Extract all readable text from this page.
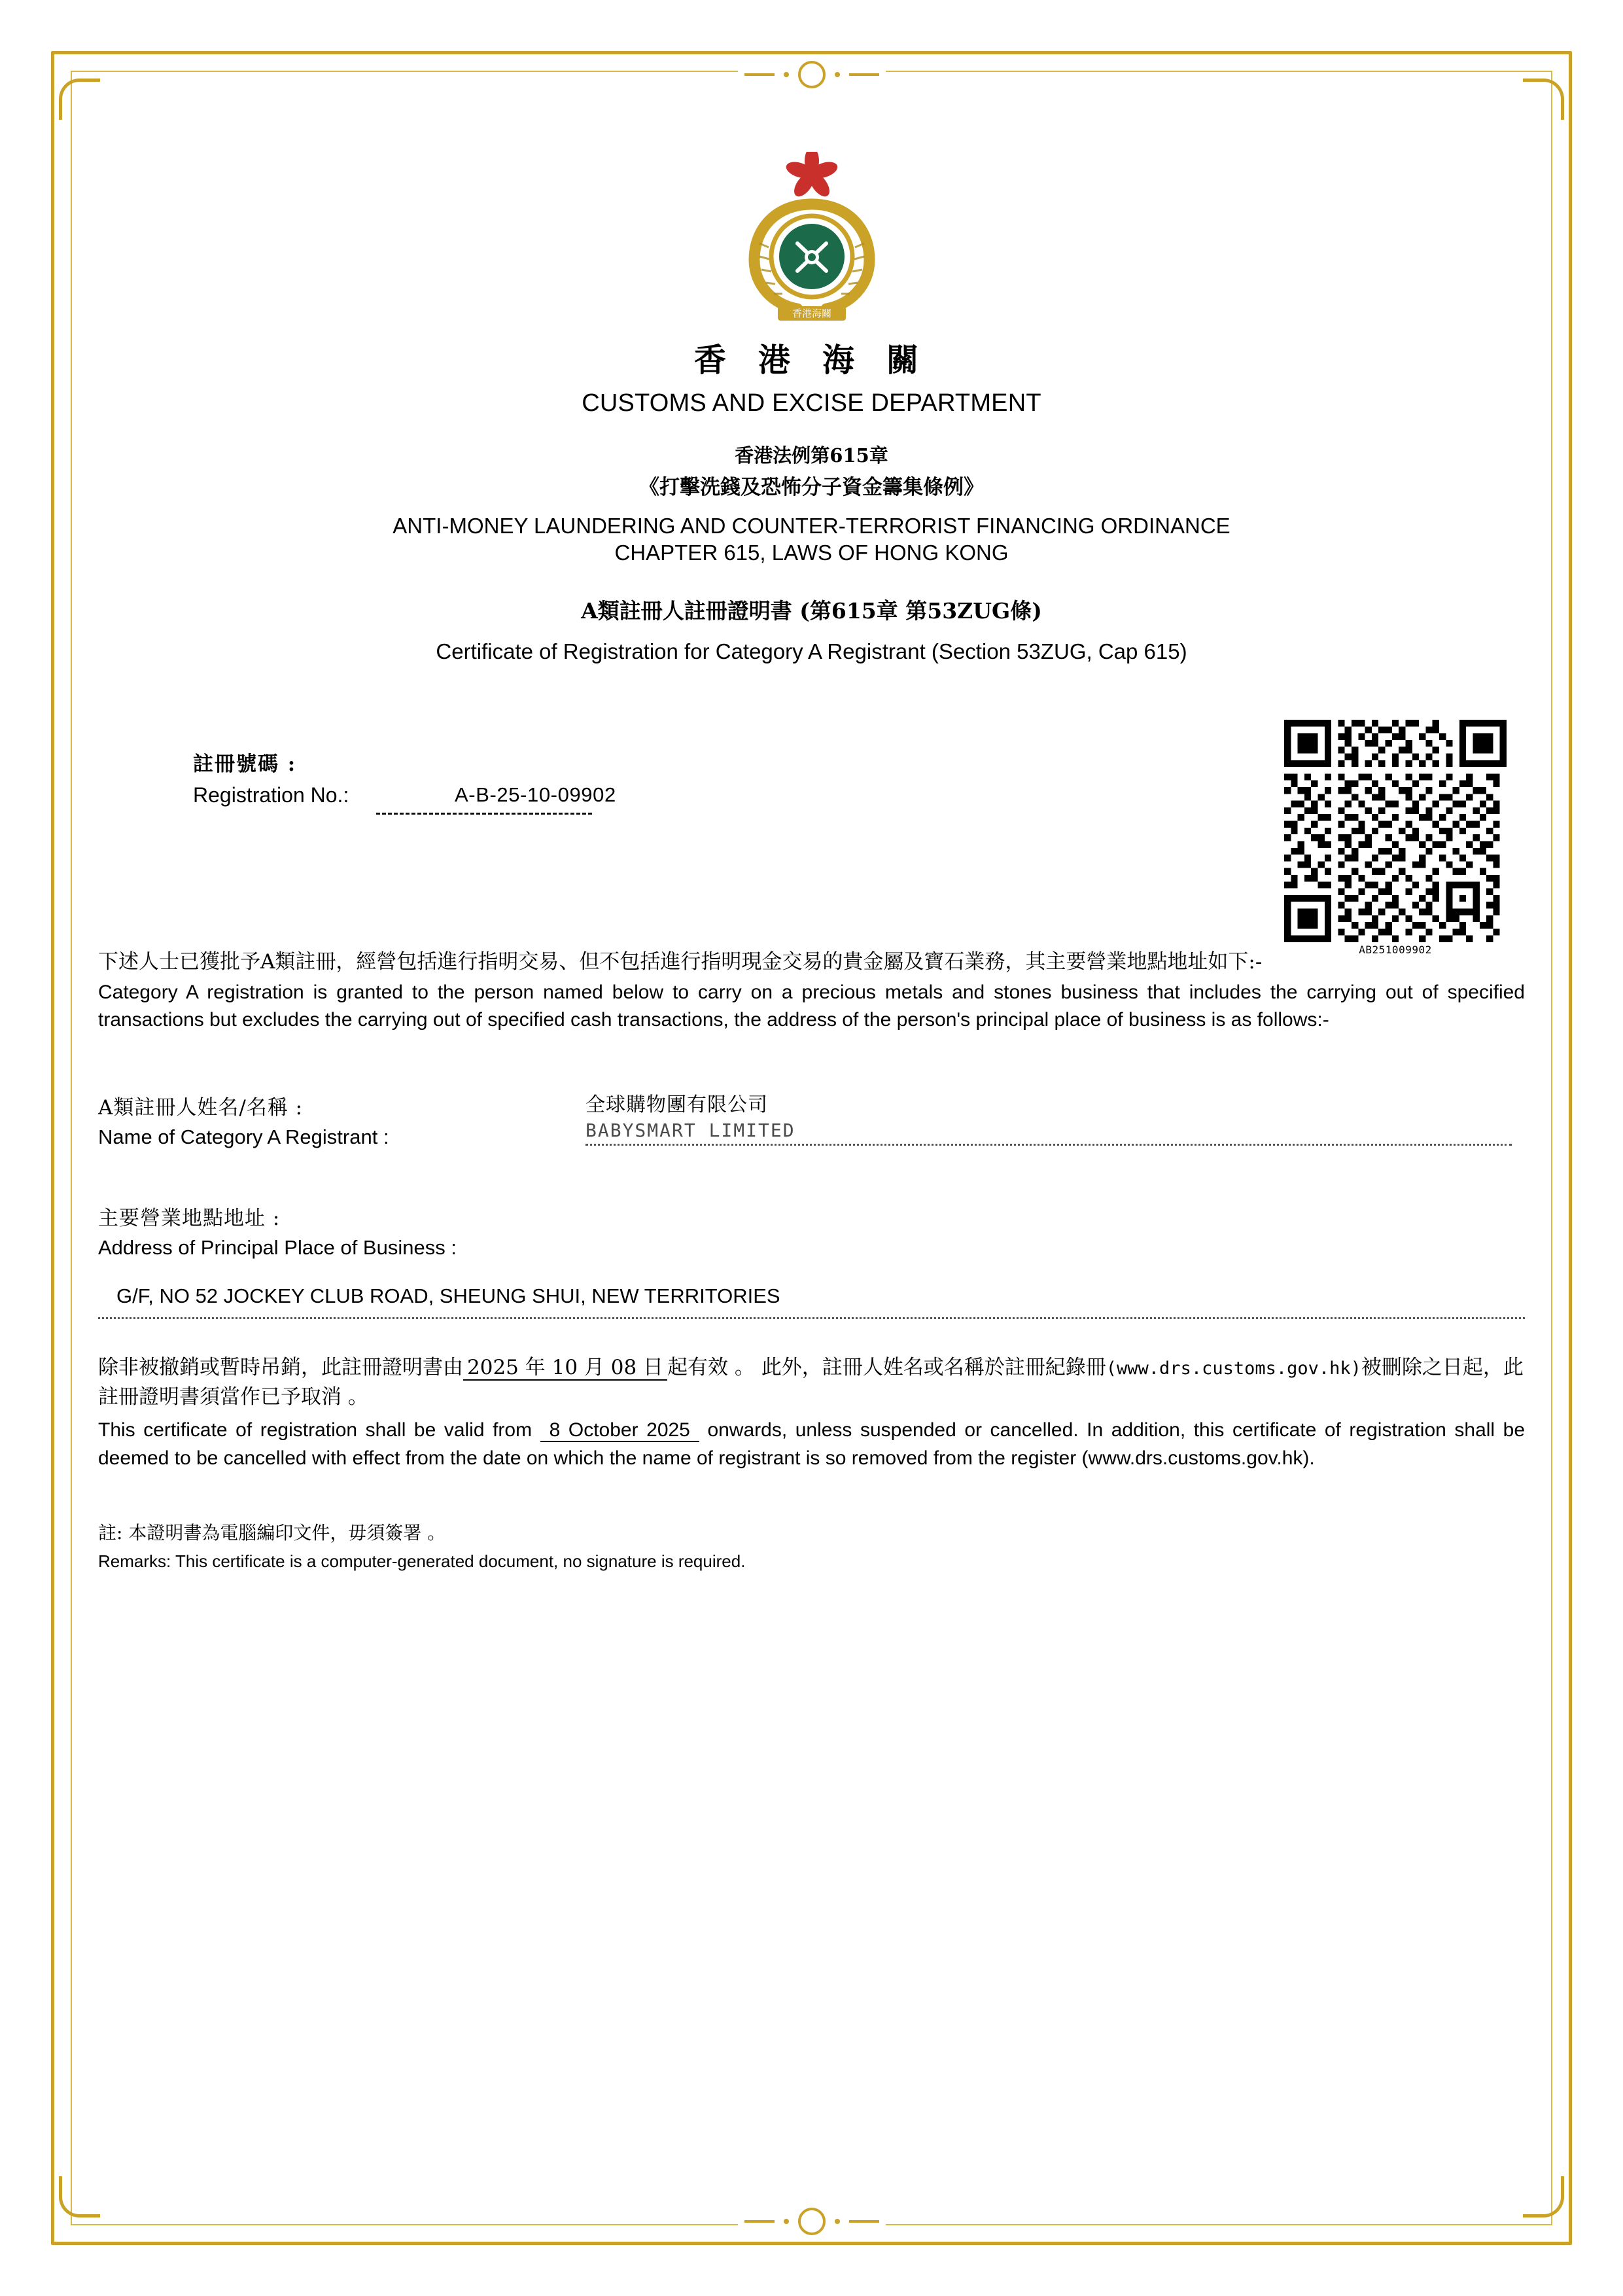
香港海關
香 港 海 關
CUSTOMS AND EXCISE DEPARTMENT
香港法例第615章
《打擊洗錢及恐怖分子資金籌集條例》
ANTI-MONEY LAUNDERING AND COUNTER-TERRORIST FINANCING ORDINANCE
CHAPTER 615, LAWS OF HONG KONG
A類註冊人註冊證明書 (第615章 第53ZUG條)
Certificate of Registration for Category A Registrant (Section 53ZUG, Cap 615)
註冊號碼 :
Registration No.:	A-B-25-10-09902
AB251009902
下述人士已獲批予A類註冊，經營包括進行指明交易、但不包括進行指明現金交易的貴金屬及寶石業務，其主要營業地點地址如下:-
Category A registration is granted to the person named below to carry on a precious metals and stones business that includes the carrying out of specified transactions but excludes the carrying out of specified cash transactions, the address of the person's principal place of business is as follows:-
A類註冊人姓名/名稱 :
Name of Category A Registrant :
全球購物團有限公司
BABYSMART LIMITED
主要營業地點地址 :
Address of Principal Place of Business :
G/F, NO 52 JOCKEY CLUB ROAD, SHEUNG SHUI, NEW TERRITORIES
除非被撤銷或暫時吊銷，此註冊證明書由 2025 年 10 月 08 日 起有效 。 此外，註冊人姓名或名稱於註冊紀錄冊(www.drs.customs.gov.hk)被刪除之日起，此註冊證明書須當作已予取消 。
This certificate of registration shall be valid from 8 October 2025 onwards, unless suspended or cancelled. In addition, this certificate of registration shall be deemed to be cancelled with effect from the date on which the name of registrant is so removed from the register (www.drs.customs.gov.hk).
註: 本證明書為電腦編印文件，毋須簽署 。
Remarks: This certificate is a computer-generated document, no signature is required.
